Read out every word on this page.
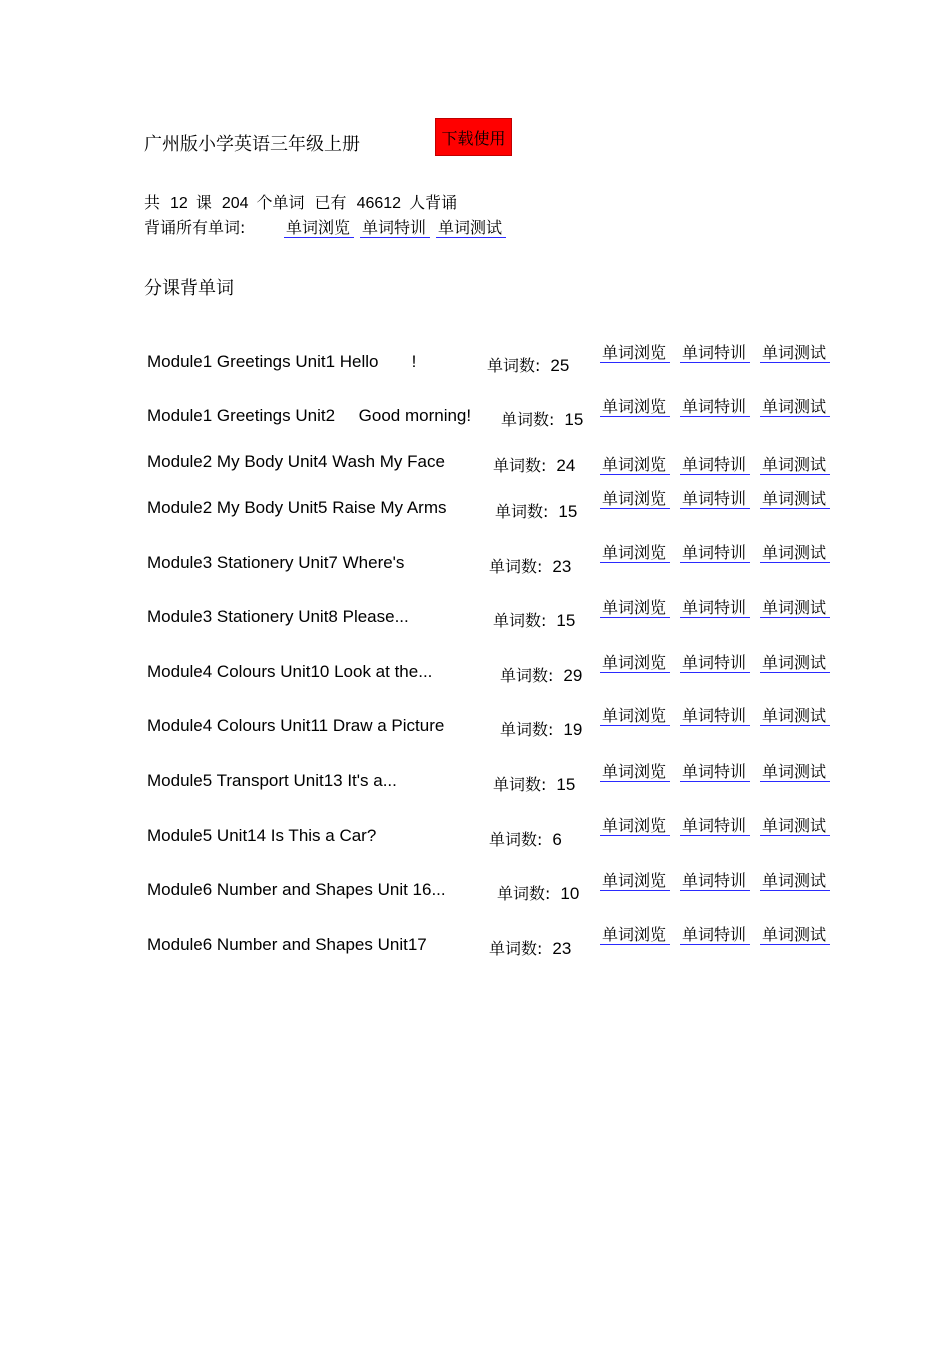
广州版小学英语三年级上册	下载使用
共 12 课 204 个单词 已有 46612 人背诵
背诵所有单词:	单词浏览 单词特训 单词测试
分课背单词
Module1 Greetings Unit1 Hello       !	单词数: 25
单词浏览 单词特训 单词测试
Module1 Greetings Unit2     Good morning! 单词数: 15
单词浏览 单词特训 单词测试
Module2 My Body Unit4 Wash My Face	单词数: 24 单词浏览 单词特训 单词测试
Module2 My Body Unit5 Raise My Arms	单词数: 15
单词浏览 单词特训 单词测试
Module3 Stationery Unit7 Where's	单词数: 23
单词浏览 单词特训 单词测试
Module3 Stationery Unit8 Please...	单词数: 15
单词浏览 单词特训 单词测试
Module4 Colours Unit10 Look at the...	单词数: 29
单词浏览 单词特训 单词测试
Module4 Colours Unit11 Draw a Picture	单词数: 19
单词浏览 单词特训 单词测试
Module5 Transport Unit13 It's a...	单词数: 15
单词浏览 单词特训 单词测试
Module5 Unit14 Is This a Car?	单词数: 6
单词浏览 单词特训 单词测试
Module6 Number and Shapes Unit 16...	单词数: 10
单词浏览 单词特训 单词测试
Module6 Number and Shapes Unit17	单词数: 23
单词浏览 单词特训 单词测试
